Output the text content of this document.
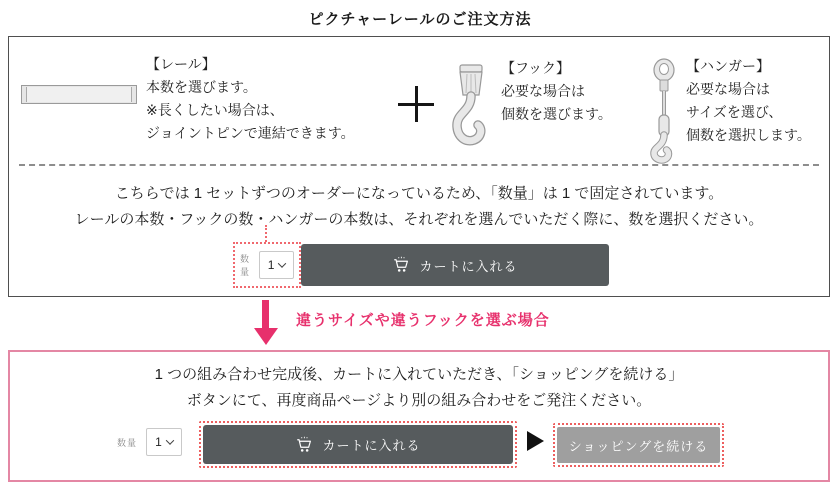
ピクチャーレールのご注文方法
【レール】
本数を選びます。
※長くしたい場合は、
ジョイントピンで連結できます。
【フック】
必要な場合は
個数を選びます。
【ハンガー】
必要な場合は
サイズを選び、
個数を選択します。
こちらでは 1 セットずつのオーダーになっているため、「数量」は 1 で固定されています。
レールの本数・フックの数・ハンガーの本数は、それぞれを選んでいただく際に、数を選択ください。
数量	1	カートに入れる
違うサイズや違うフックを選ぶ場合
1 つの組み合わせ完成後、カートに入れていただき、「ショッピングを続ける」
ボタンにて、再度商品ページより別の組み合わせをご発注ください。
数量 1	カートに入れる	ショッピングを続ける
